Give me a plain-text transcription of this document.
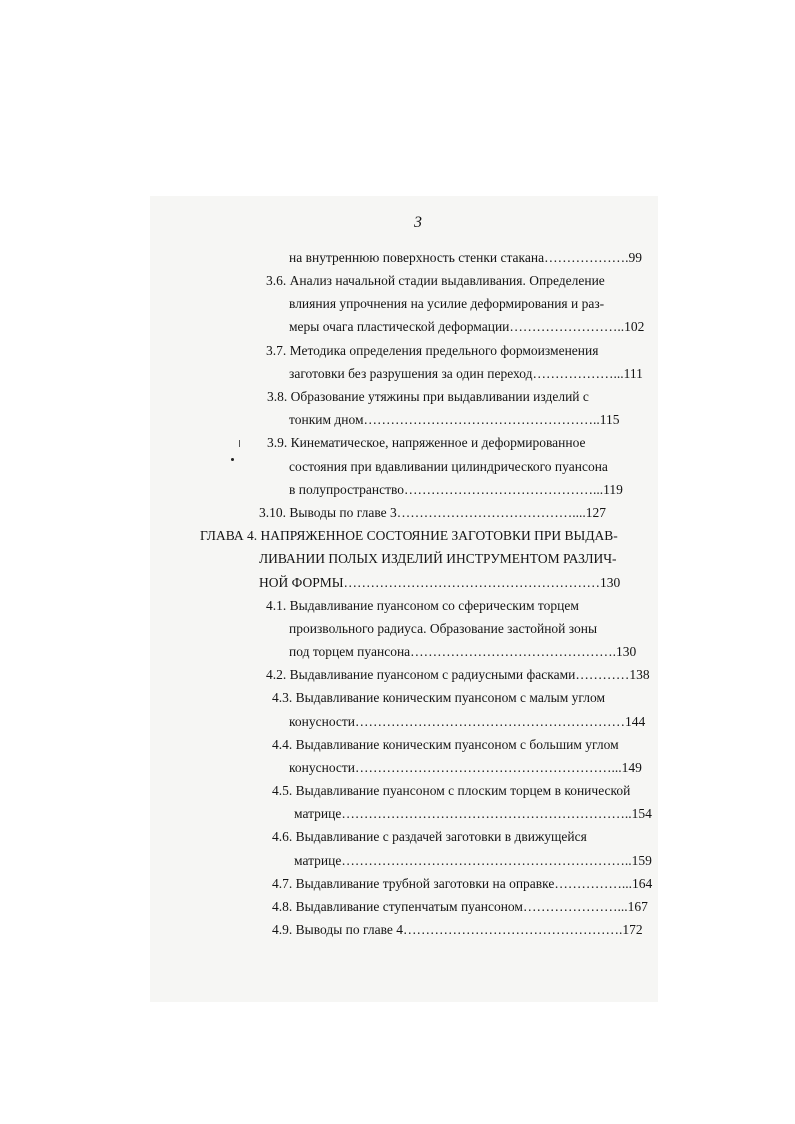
3
на внутреннюю поверхность стенки стакана……………….99
3.6. Анализ начальной стадии выдавливания. Определение
влияния упрочнения на усилие деформирования и раз-
меры очага пластической деформации……………………..102
3.7. Методика определения предельного формоизменения
заготовки без разрушения за один переход………………...111
3.8. Образование утяжины при выдавливании изделий с
тонким дном……………………………………………..115
3.9. Кинематическое, напряженное и деформированное
состояния при вдавливании цилиндрического пуансона
в полупространство……………………………………...119
3.10. Выводы по главе 3…………………………………....127
ГЛАВА 4. НАПРЯЖЕННОЕ СОСТОЯНИЕ ЗАГОТОВКИ ПРИ ВЫДАВ-
ЛИВАНИИ ПОЛЫХ ИЗДЕЛИЙ ИНСТРУМЕНТОМ РАЗЛИЧ-
НОЙ ФОРМЫ…………………………………………………130
4.1. Выдавливание пуансоном со сферическим торцем
произвольного радиуса. Образование застойной зоны
под торцем пуансона……………………………………….130
4.2. Выдавливание пуансоном с радиусными фасками…………138
4.3. Выдавливание коническим пуансоном с малым углом
конусности……………………………………………………144
4.4. Выдавливание коническим пуансоном с большим углом
конусности…………………………………………………...149
4.5. Выдавливание пуансоном с плоским торцем в конической
матрице………………………………………………………..154
4.6. Выдавливание с раздачей заготовки в движущейся
матрице………………………………………………………..159
4.7. Выдавливание трубной заготовки на оправке……………...164
4.8. Выдавливание ступенчатым пуансоном…………………...167
4.9. Выводы по главе 4………………………………………….172
